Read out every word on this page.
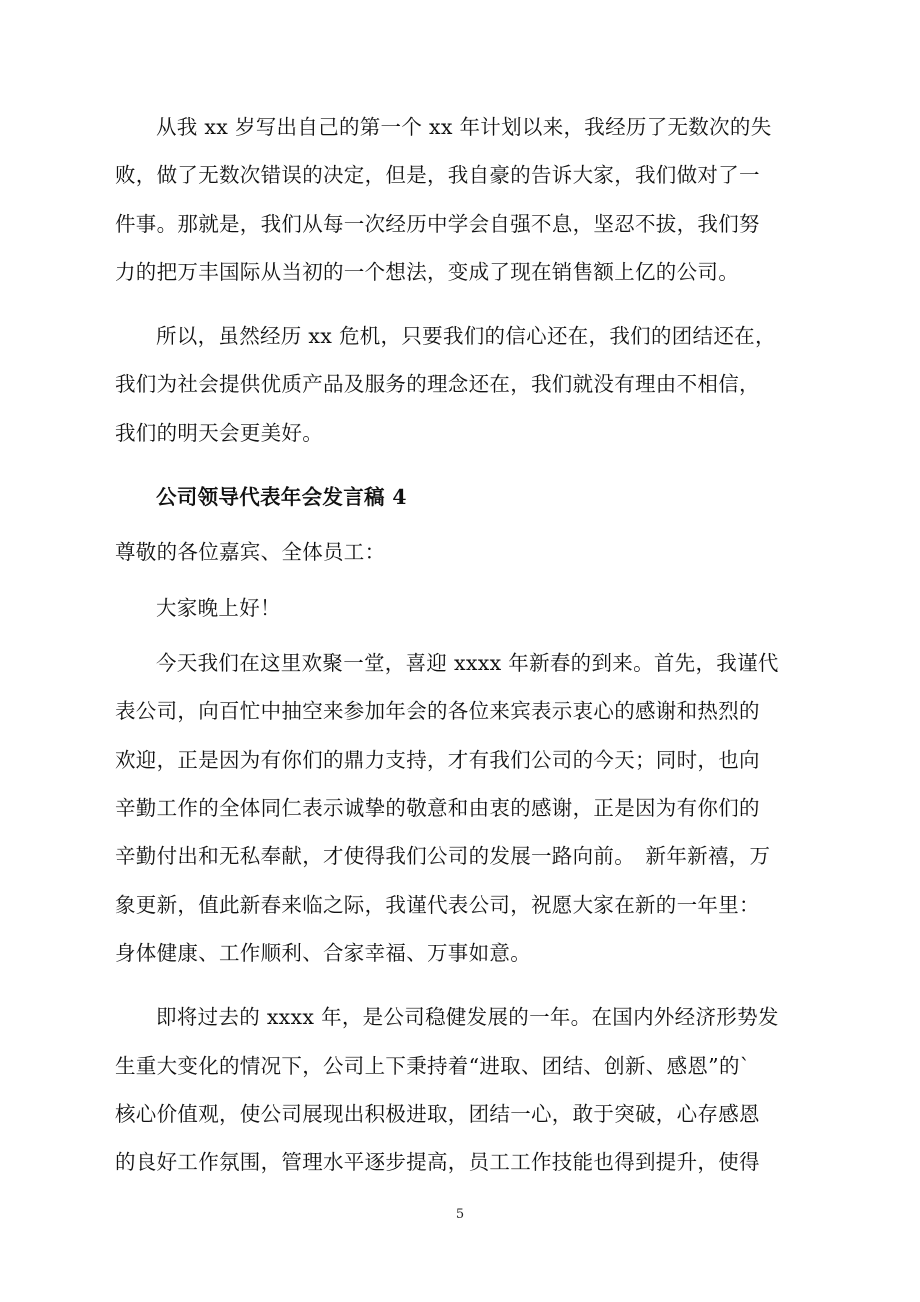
从我 xx 岁写出自己的第一个 xx 年计划以来，我经历了无数次的失
败，做了无数次错误的决定，但是，我自豪的告诉大家，我们做对了一
件事。那就是，我们从每一次经历中学会自强不息，坚忍不拔，我们努
力的把万丰国际从当初的一个想法，变成了现在销售额上亿的公司。
所以，虽然经历 xx 危机，只要我们的信心还在，我们的团结还在，
我们为社会提供优质产品及服务的理念还在，我们就没有理由不相信，
我们的明天会更美好。
公司领导代表年会发言稿 4
尊敬的各位嘉宾、全体员工：
大家晚上好！
今天我们在这里欢聚一堂，喜迎 xxxx 年新春的到来。首先，我谨代
表公司，向百忙中抽空来参加年会的各位来宾表示衷心的感谢和热烈的
欢迎，正是因为有你们的鼎力支持，才有我们公司的今天；同时，也向
辛勤工作的全体同仁表示诚挚的敬意和由衷的感谢，正是因为有你们的
辛勤付出和无私奉献，才使得我们公司的发展一路向前。　新年新禧，万
象更新，值此新春来临之际，我谨代表公司，祝愿大家在新的一年里：
身体健康、工作顺利、合家幸福、万事如意。
即将过去的 xxxx 年，是公司稳健发展的一年。在国内外经济形势发
生重大变化的情况下，公司上下秉持着“进取、团结、创新、感恩”的`
核心价值观，使公司展现出积极进取，团结一心，敢于突破，心存感恩
的良好工作氛围，管理水平逐步提高，员工工作技能也得到提升，使得
5
